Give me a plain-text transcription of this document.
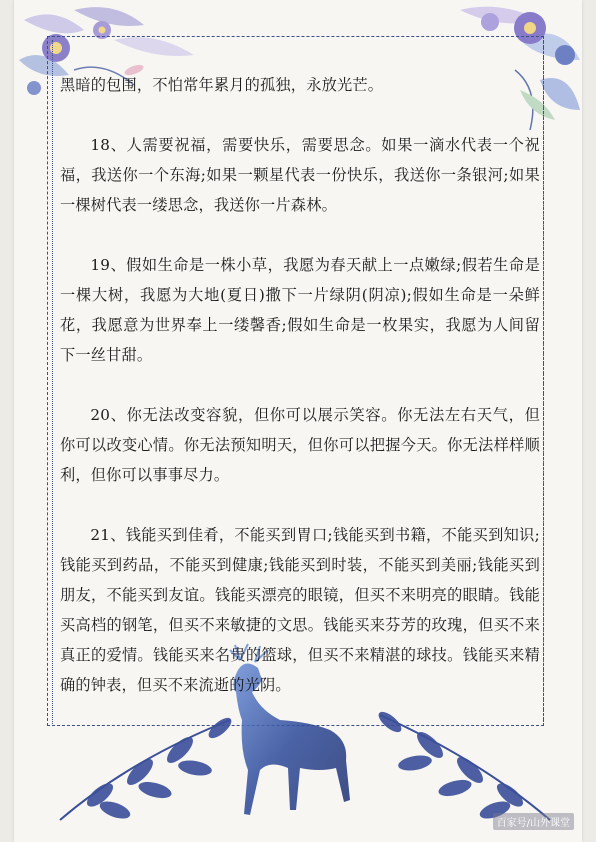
黑暗的包围，不怕常年累月的孤独，永放光芒。

18、人需要祝福，需要快乐，需要思念。如果一滴水代表一个祝福，我送你一个东海;如果一颗星代表一份快乐，我送你一条银河;如果一棵树代表一缕思念，我送你一片森林。

19、假如生命是一株小草，我愿为春天献上一点嫩绿;假若生命是一棵大树，我愿为大地(夏日)撒下一片绿阴(阴凉);假如生命是一朵鲜花，我愿意为世界奉上一缕馨香;假如生命是一枚果实，我愿为人间留下一丝甘甜。

20、你无法改变容貌，但你可以展示笑容。你无法左右天气，但你可以改变心情。你无法预知明天，但你可以把握今天。你无法样样顺利，但你可以事事尽力。

21、钱能买到佳肴，不能买到胃口;钱能买到书籍，不能买到知识;钱能买到药品，不能买到健康;钱能买到时装，不能买到美丽;钱能买到朋友，不能买到友谊。钱能买漂亮的眼镜，但买不来明亮的眼睛。钱能买高档的钢笔，但买不来敏捷的文思。钱能买来芬芳的玫瑰，但买不来真正的爱情。钱能买来名贵的篮球，但买不来精湛的球技。钱能买来精确的钟表，但买不来流逝的光阴。

百家号/山外课堂
